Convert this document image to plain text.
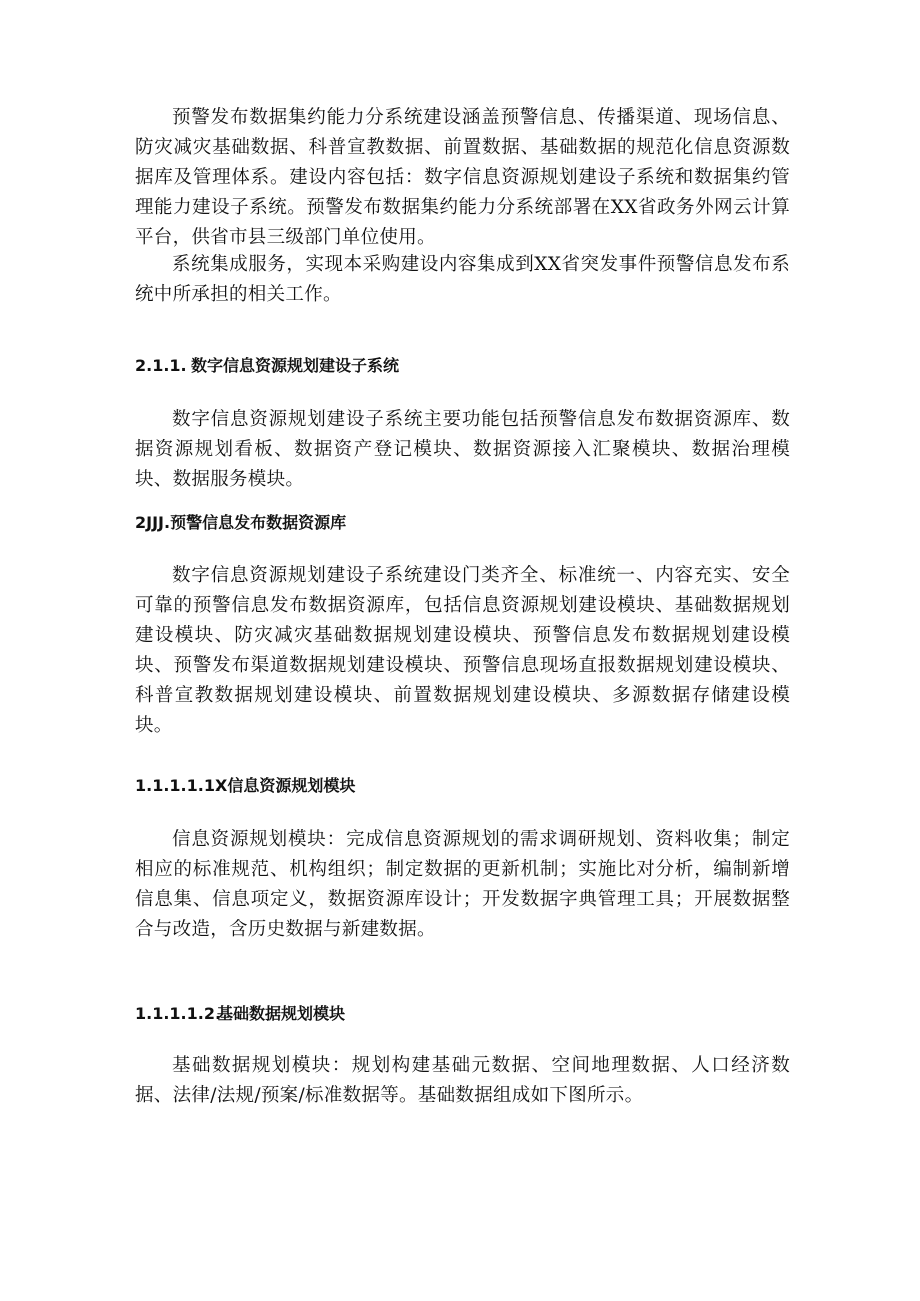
预警发布数据集约能力分系统建设涵盖预警信息、传播渠道、现场信息、防灾减灾基础数据、科普宣教数据、前置数据、基础数据的规范化信息资源数据库及管理体系。建设内容包括：数字信息资源规划建设子系统和数据集约管理能力建设子系统。预警发布数据集约能力分系统部署在XX省政务外网云计算平台，供省市县三级部门单位使用。

系统集成服务，实现本采购建设内容集成到XX省突发事件预警信息发布系统中所承担的相关工作。

2.1.1. 数字信息资源规划建设子系统

数字信息资源规划建设子系统主要功能包括预警信息发布数据资源库、数据资源规划看板、数据资产登记模块、数据资源接入汇聚模块、数据治理模块、数据服务模块。

2JJJ.预警信息发布数据资源库

数字信息资源规划建设子系统建设门类齐全、标准统一、内容充实、安全可靠的预警信息发布数据资源库，包括信息资源规划建设模块、基础数据规划建设模块、防灾减灾基础数据规划建设模块、预警信息发布数据规划建设模块、预警发布渠道数据规划建设模块、预警信息现场直报数据规划建设模块、科普宣教数据规划建设模块、前置数据规划建设模块、多源数据存储建设模块。

1.1.1.1.1.X信息资源规划模块

信息资源规划模块：完成信息资源规划的需求调研规划、资料收集；制定相应的标准规范、机构组织；制定数据的更新机制；实施比对分析，编制新增信息集、信息项定义，数据资源库设计；开发数据字典管理工具；开展数据整合与改造，含历史数据与新建数据。

1.1.1.1.2.基础数据规划模块

基础数据规划模块：规划构建基础元数据、空间地理数据、人口经济数据、法律/法规/预案/标准数据等。基础数据组成如下图所示。
